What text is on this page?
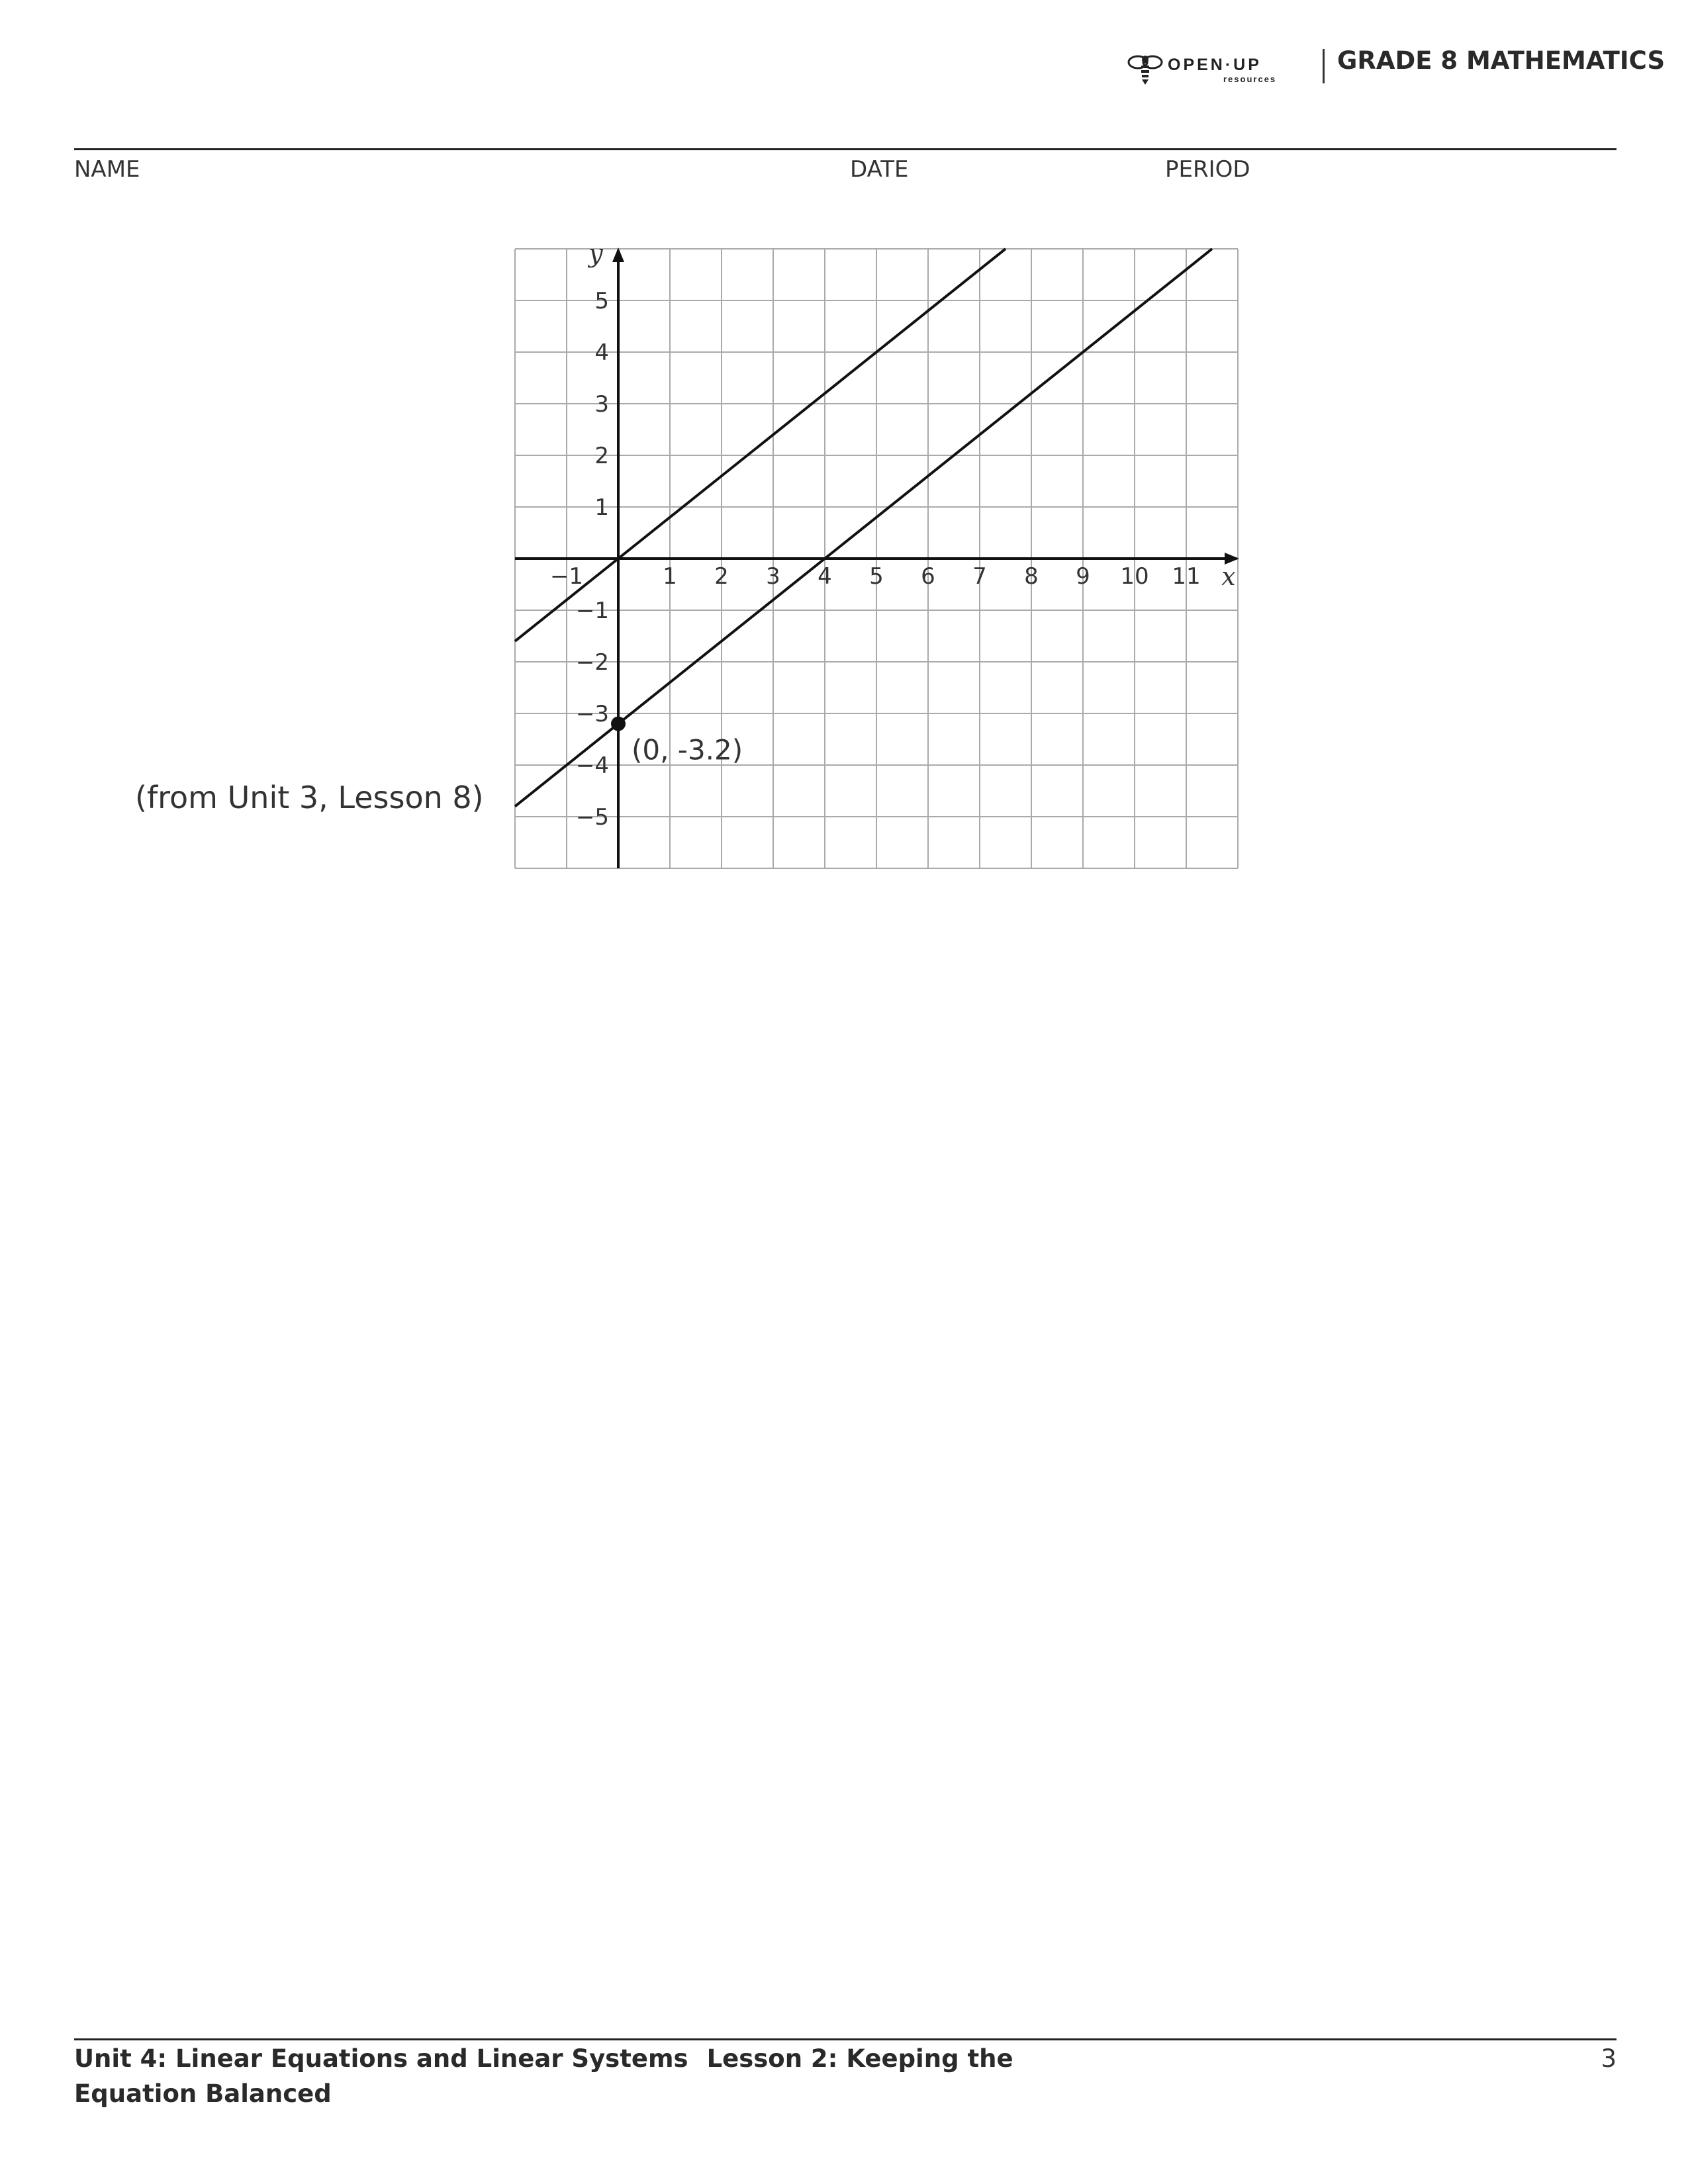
OPEN·UP
resources
GRADE 8 MATHEMATICS
NAME	DATE	PERIOD
−1	1 2 3 4 5 6 7 8 9 10 11
5
4
3
2
1
−1
−2
−3
−4
−5
x
y
(0, -3.2)
(from Unit 3, Lesson 8)
Unit 4: Linear Equations and Linear Systems Lesson 2: Keeping the Equation Balanced
3
